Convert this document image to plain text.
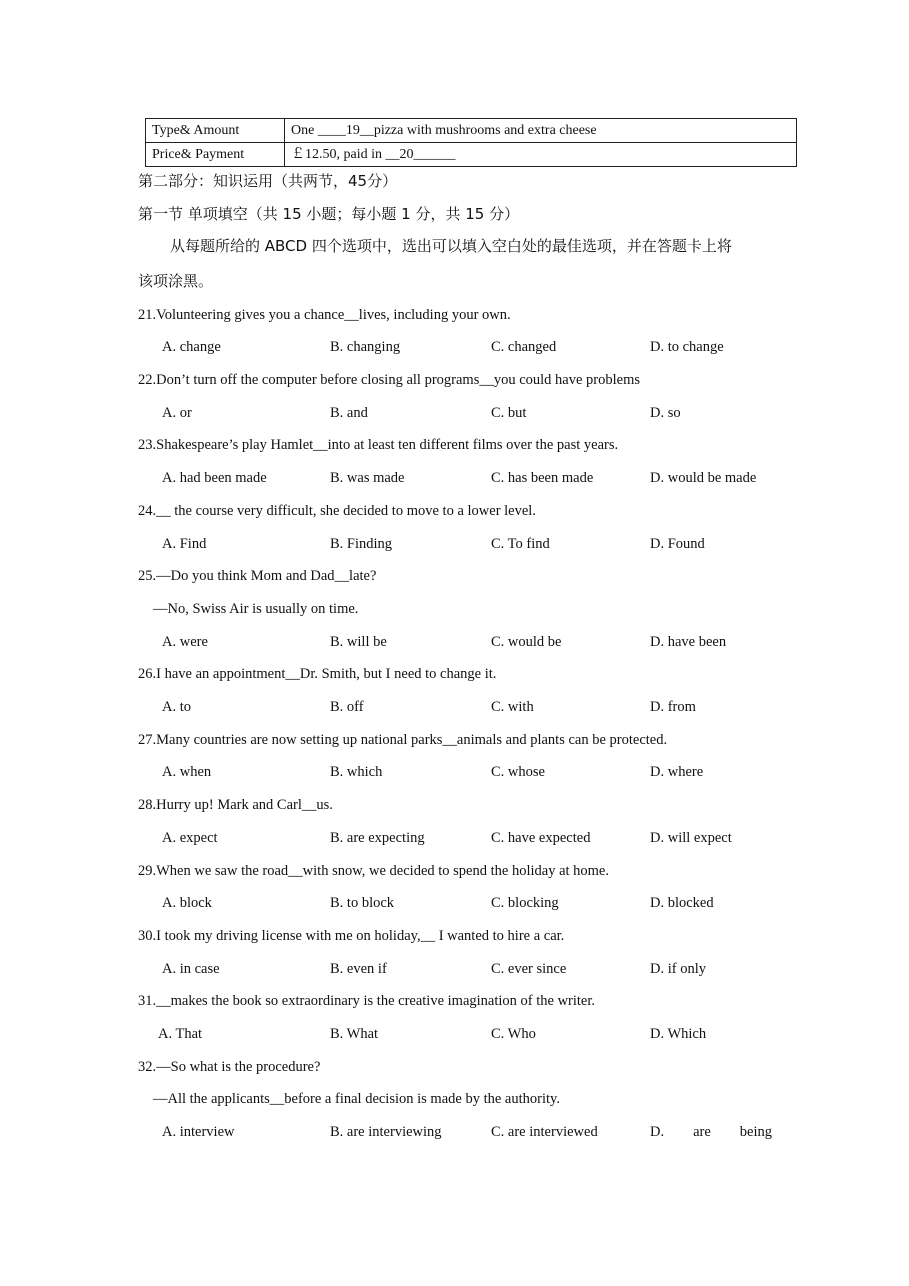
Type& Amount	One ____19__pizza with mushrooms and extra cheese
Price& Payment	￡12.50, paid in __20______
第二部分：知识运用（共两节，45分）
第一节 单项填空（共 15 小题；每小题 1 分，共 15 分）
从每题所给的 ABCD 四个选项中，选出可以填入空白处的最佳选项，并在答题卡上将
该项涂黑。
21.Volunteering gives you a chance__lives, including your own.
A. change	B. changing	C. changed	D. to change
22.Don’t turn off the computer before closing all programs__you could have problems
A. or	B. and	C. but	D. so
23.Shakespeare’s play Hamlet__into at least ten different films over the past years.
A. had been made	B. was made	C. has been made	D. would be made
24.__ the course very difficult, she decided to move to a lower level.
A. Find	B. Finding	C. To find	D. Found
25.—Do you think Mom and Dad__late?
—No, Swiss Air is usually on time.
A. were	B. will be	C. would be	D. have been
26.I have an appointment__Dr. Smith, but I need to change it.
A. to	B. off	C. with	D. from
27.Many countries are now setting up national parks__animals and plants can be protected.
A. when	B. which	C. whose	D. where
28.Hurry up! Mark and Carl__us.
A. expect	B. are expecting	C. have expected	D. will expect
29.When we saw the road__with snow, we decided to spend the holiday at home.
A. block	B. to block	C. blocking	D. blocked
30.I took my driving license with me on holiday,__ I wanted to hire a car.
A. in case	B. even if	C. ever since	D. if only
31.__makes the book so extraordinary is the creative imagination of the writer.
A. That	B. What	C. Who	D. Which
32.—So what is the procedure?
—All the applicants__before a final decision is made by the authority.
A. interview	B. are interviewing	C. are interviewed	D. are being
